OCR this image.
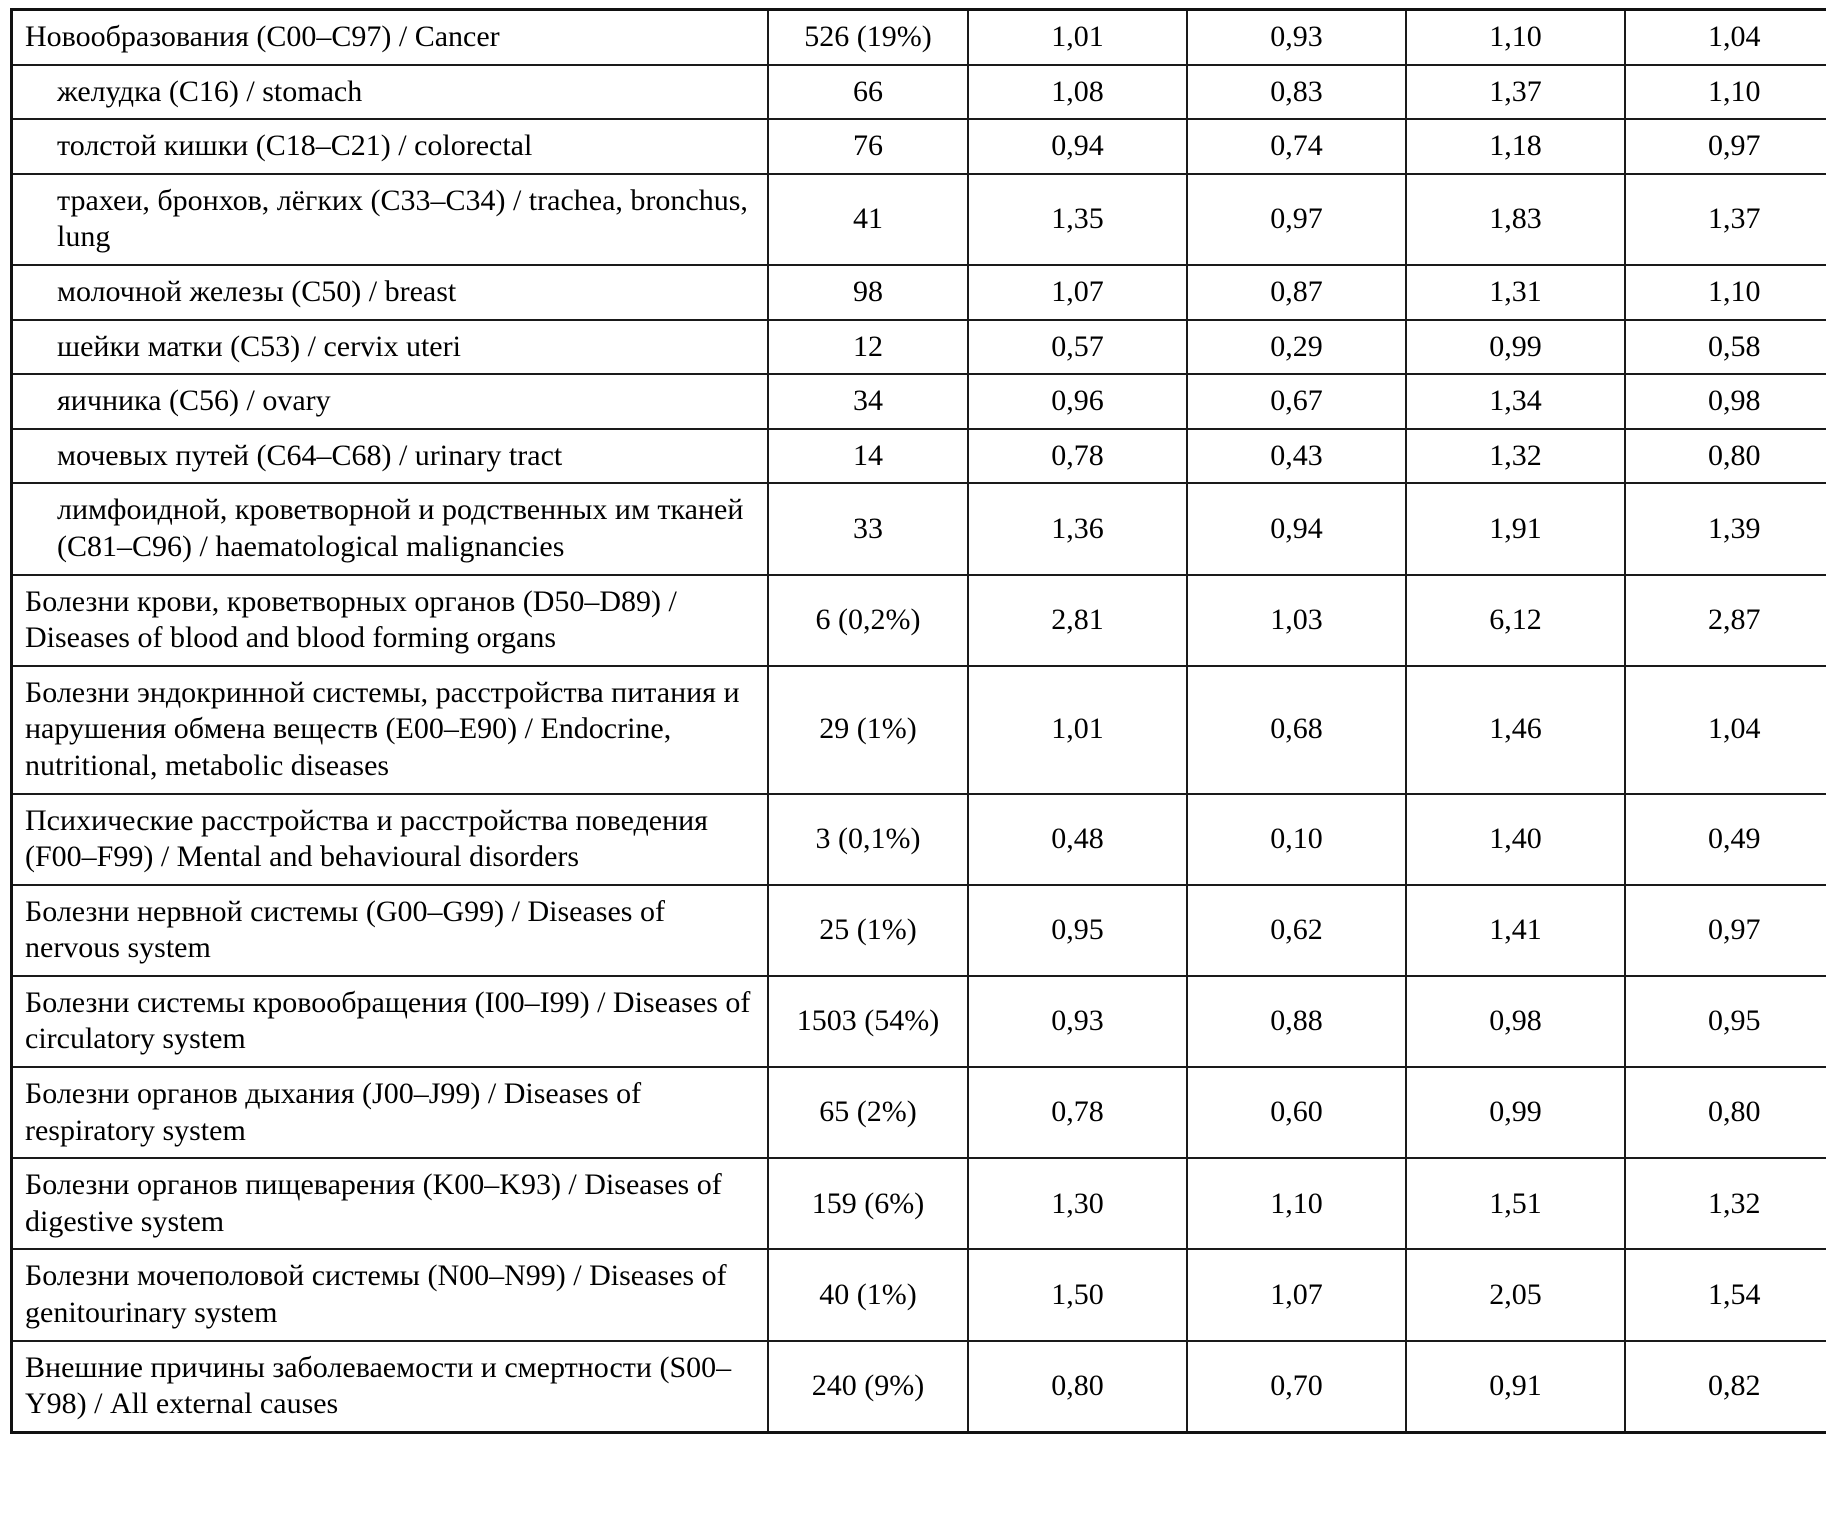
Новообразования (C00–C97) / Cancer	526 (19%)	1,01	0,93	1,10	1,04
желудка (C16) / stomach	66	1,08	0,83	1,37	1,10
толстой кишки (C18–C21) / colorectal	76	0,94	0,74	1,18	0,97
трахеи, бронхов, лёгких (C33–C34) / trachea, bronchus, lung	41	1,35	0,97	1,83	1,37
молочной железы (C50) / breast	98	1,07	0,87	1,31	1,10
шейки матки (C53) / cervix uteri	12	0,57	0,29	0,99	0,58
яичника (C56) / ovary	34	0,96	0,67	1,34	0,98
мочевых путей (C64–C68) / urinary tract	14	0,78	0,43	1,32	0,80
лимфоидной, кроветворной и родственных им тканей (C81–C96) / haematological malignancies	33	1,36	0,94	1,91	1,39
Болезни крови, кроветворных органов (D50–D89) / Diseases of blood and blood forming organs	6 (0,2%)	2,81	1,03	6,12	2,87
Болезни эндокринной системы, расстройства питания и нарушения обмена веществ (E00–E90) / Endocrine, nutritional, metabolic diseases	29 (1%)	1,01	0,68	1,46	1,04
Психические расстройства и расстройства поведения (F00–F99) / Mental and behavioural disorders	3 (0,1%)	0,48	0,10	1,40	0,49
Болезни нервной системы (G00–G99) / Diseases of nervous system	25 (1%)	0,95	0,62	1,41	0,97
Болезни системы кровообращения (I00–I99) / Diseases of circulatory system	1503 (54%)	0,93	0,88	0,98	0,95
Болезни органов дыхания (J00–J99) / Diseases of respiratory system	65 (2%)	0,78	0,60	0,99	0,80
Болезни органов пищеварения (K00–K93) / Diseases of digestive system	159 (6%)	1,30	1,10	1,51	1,32
Болезни мочеполовой системы (N00–N99) / Diseases of genitourinary system	40 (1%)	1,50	1,07	2,05	1,54
Внешние причины заболеваемости и смертности (S00–Y98) / All external causes	240 (9%)	0,80	0,70	0,91	0,82
